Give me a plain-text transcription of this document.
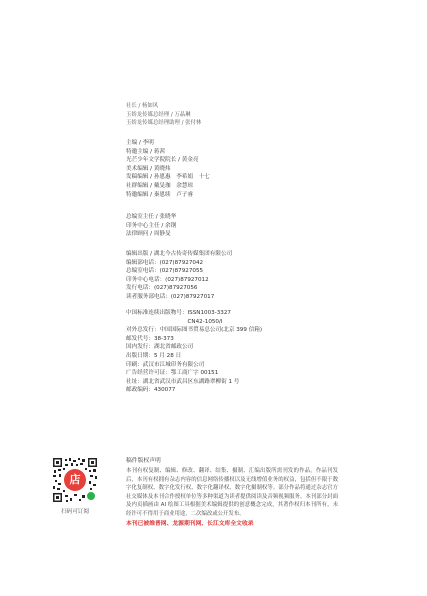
社长 / 杨如风
玉娇龙传媒总经理 / 万晶琳
玉娇龙传媒总经理助理 / 张付林
主编 / 李明
特邀主编 / 蒋茜
光芒少年文学院院长 / 黄金亮
美术编辑 / 黄晓炜
发稿编辑 / 孙恩惠　李希娟　十七
社群编辑 / 戴旻珈　余慧琼
特邀编辑 / 秦恩续　卢子睿
总编室主任 / 张晓华
印务中心主任 / 余钢
法律顾问 / 周静旻
编辑出版 / 湖北今古传奇传媒集团有限公司
编辑部电话：(027)87927042
总编室电话：(027)87927055
印务中心电话：(027)87927012
发行电话：(027)87927056
读者服务部电话：(027)87927017
中国标准连续出版物号：ISSN1003-3327
　　　　　　　　　　　CN42-1050/I
对外总发行：中国国际图书贸易总公司(北京 399 信箱)
邮发代号：38-373
国内发行：湖北省邮政公司
出版日期：5 月 28 日
印刷：武汉市江城印务有限公司
广告经营许可证：鄂工商广字 00151
社址：湖北省武汉市武昌区东湖路翠柳街 1 号
邮政编码：430077
店
扫码可订阅
稿件版权声明

本刊有权复制、编辑、修改、翻译、结集、摄制、汇编出版所需刊发的作品。作品刊发后，本刊有权拥有杂志内容的信息网络传播权以及无线增值业务的权益，包括但不限于数字化复制权、数字化发行权、数字化翻译权、数字化摄制权等。部分作品将通过杂志官方社交媒体及本刊合作授权单位等多种渠道为读者提供阅读及音频视频服务。本刊部分封面及内页插画由 AI 绘图工具根据美术编辑提供的创意概念完成，其著作权归本刊所有，未经许可不得用于商业用途，二次编改或公开发布。

本刊已被维普网、龙源期刊网、长江文库全文收录
